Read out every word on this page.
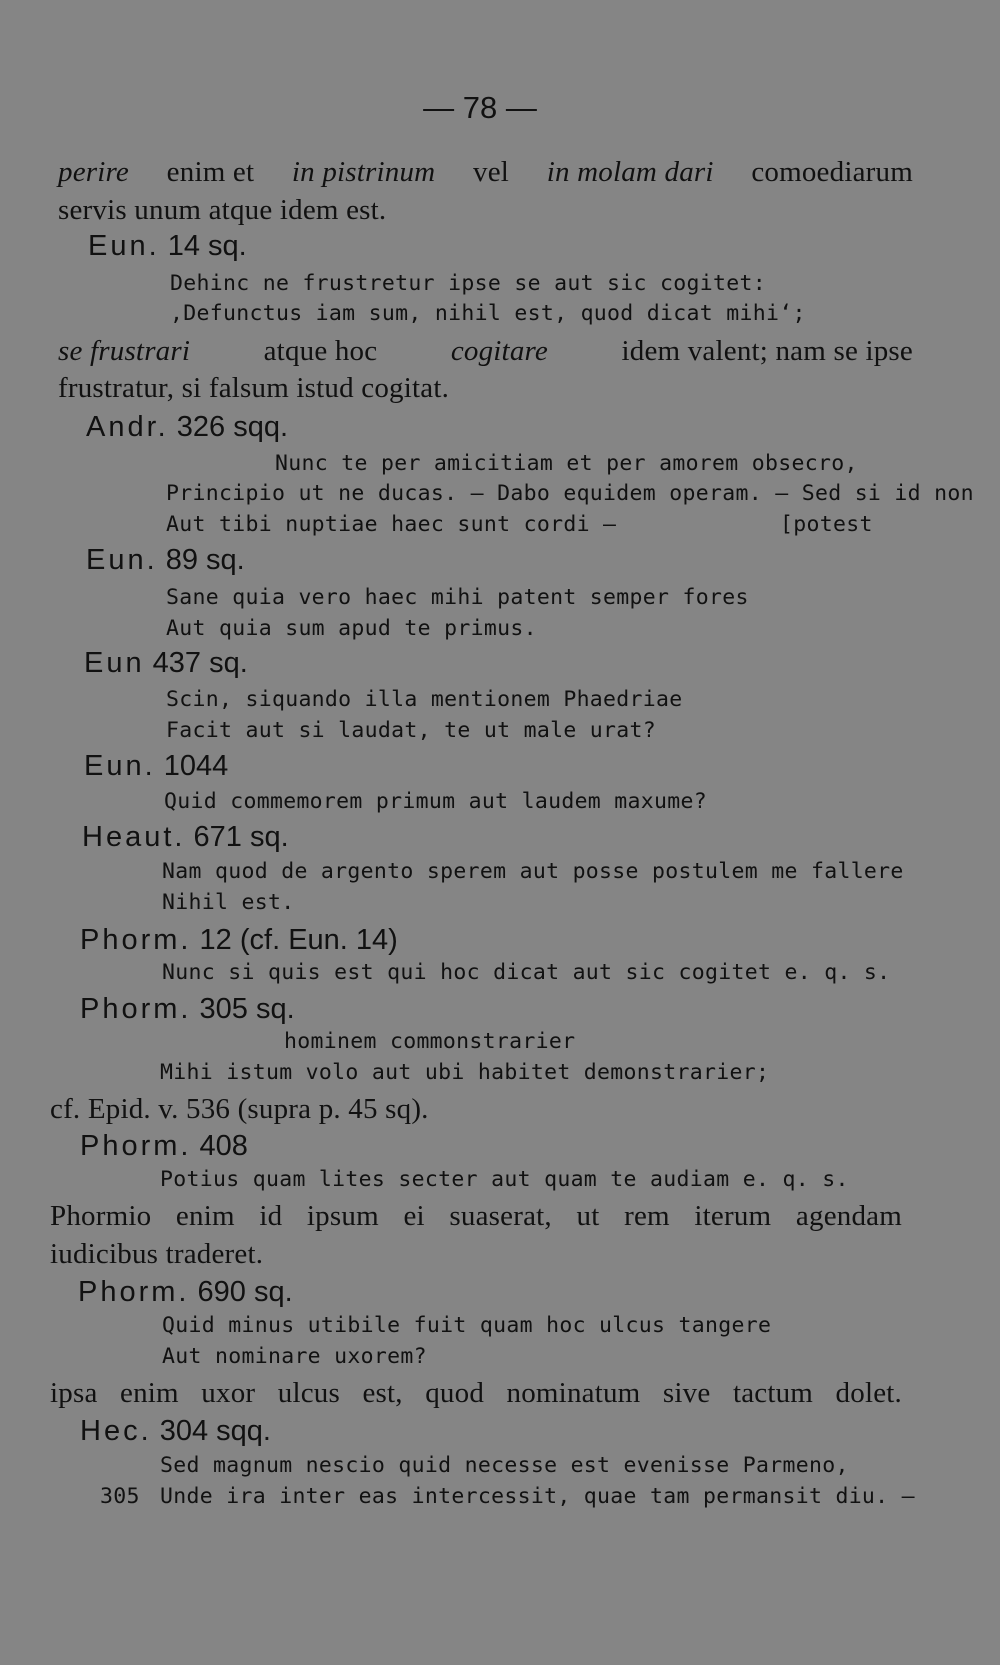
— 78 —
perire enim et in pistrinum vel in molam dari comoediarum
servis unum atque idem est.
Eun. 14 sq.
Dehinc ne frustretur ipse se aut sic cogitet:
‚Defunctus iam sum, nihil est, quod dicat mihi‘;
se frustrari	atque hoc	cogitare	idem valent; nam se ipse
frustratur, si falsum istud cogitat.
Andr. 326 sqq.
Nunc te per amicitiam et per amorem obsecro,
Principio ut ne ducas. — Dabo equidem operam. — Sed si id non
Aut tibi nuptiae haec sunt cordi —	[potest
Eun. 89 sq.
Sane quia vero haec mihi patent semper fores
Aut quia sum apud te primus.
Eun 437 sq.
Scin, siquando illa mentionem Phaedriae
Facit aut si laudat, te ut male urat?
Eun. 1044
Quid commemorem primum aut laudem maxume?
Heaut. 671 sq.
Nam quod de argento sperem aut posse postulem me fallere
Nihil est.
Phorm. 12 (cf. Eun. 14)
Nunc si quis est qui hoc dicat aut sic cogitet e. q. s.
Phorm. 305 sq.
hominem commonstrarier
Mihi istum volo aut ubi habitet demonstrarier;
cf. Epid. v. 536 (supra p. 45 sq).
Phorm. 408
Potius quam lites secter aut quam te audiam e. q. s.
Phormio enim id ipsum ei suaserat, ut rem iterum agendam
iudicibus traderet.
Phorm. 690 sq.
Quid minus utibile fuit quam hoc ulcus tangere
Aut nominare uxorem?
ipsa enim uxor ulcus est, quod nominatum sive tactum dolet.
Hec. 304 sqq.
Sed magnum nescio quid necesse est evenisse Parmeno,
305 Unde ira inter eas intercessit, quae tam permansit diu. —
